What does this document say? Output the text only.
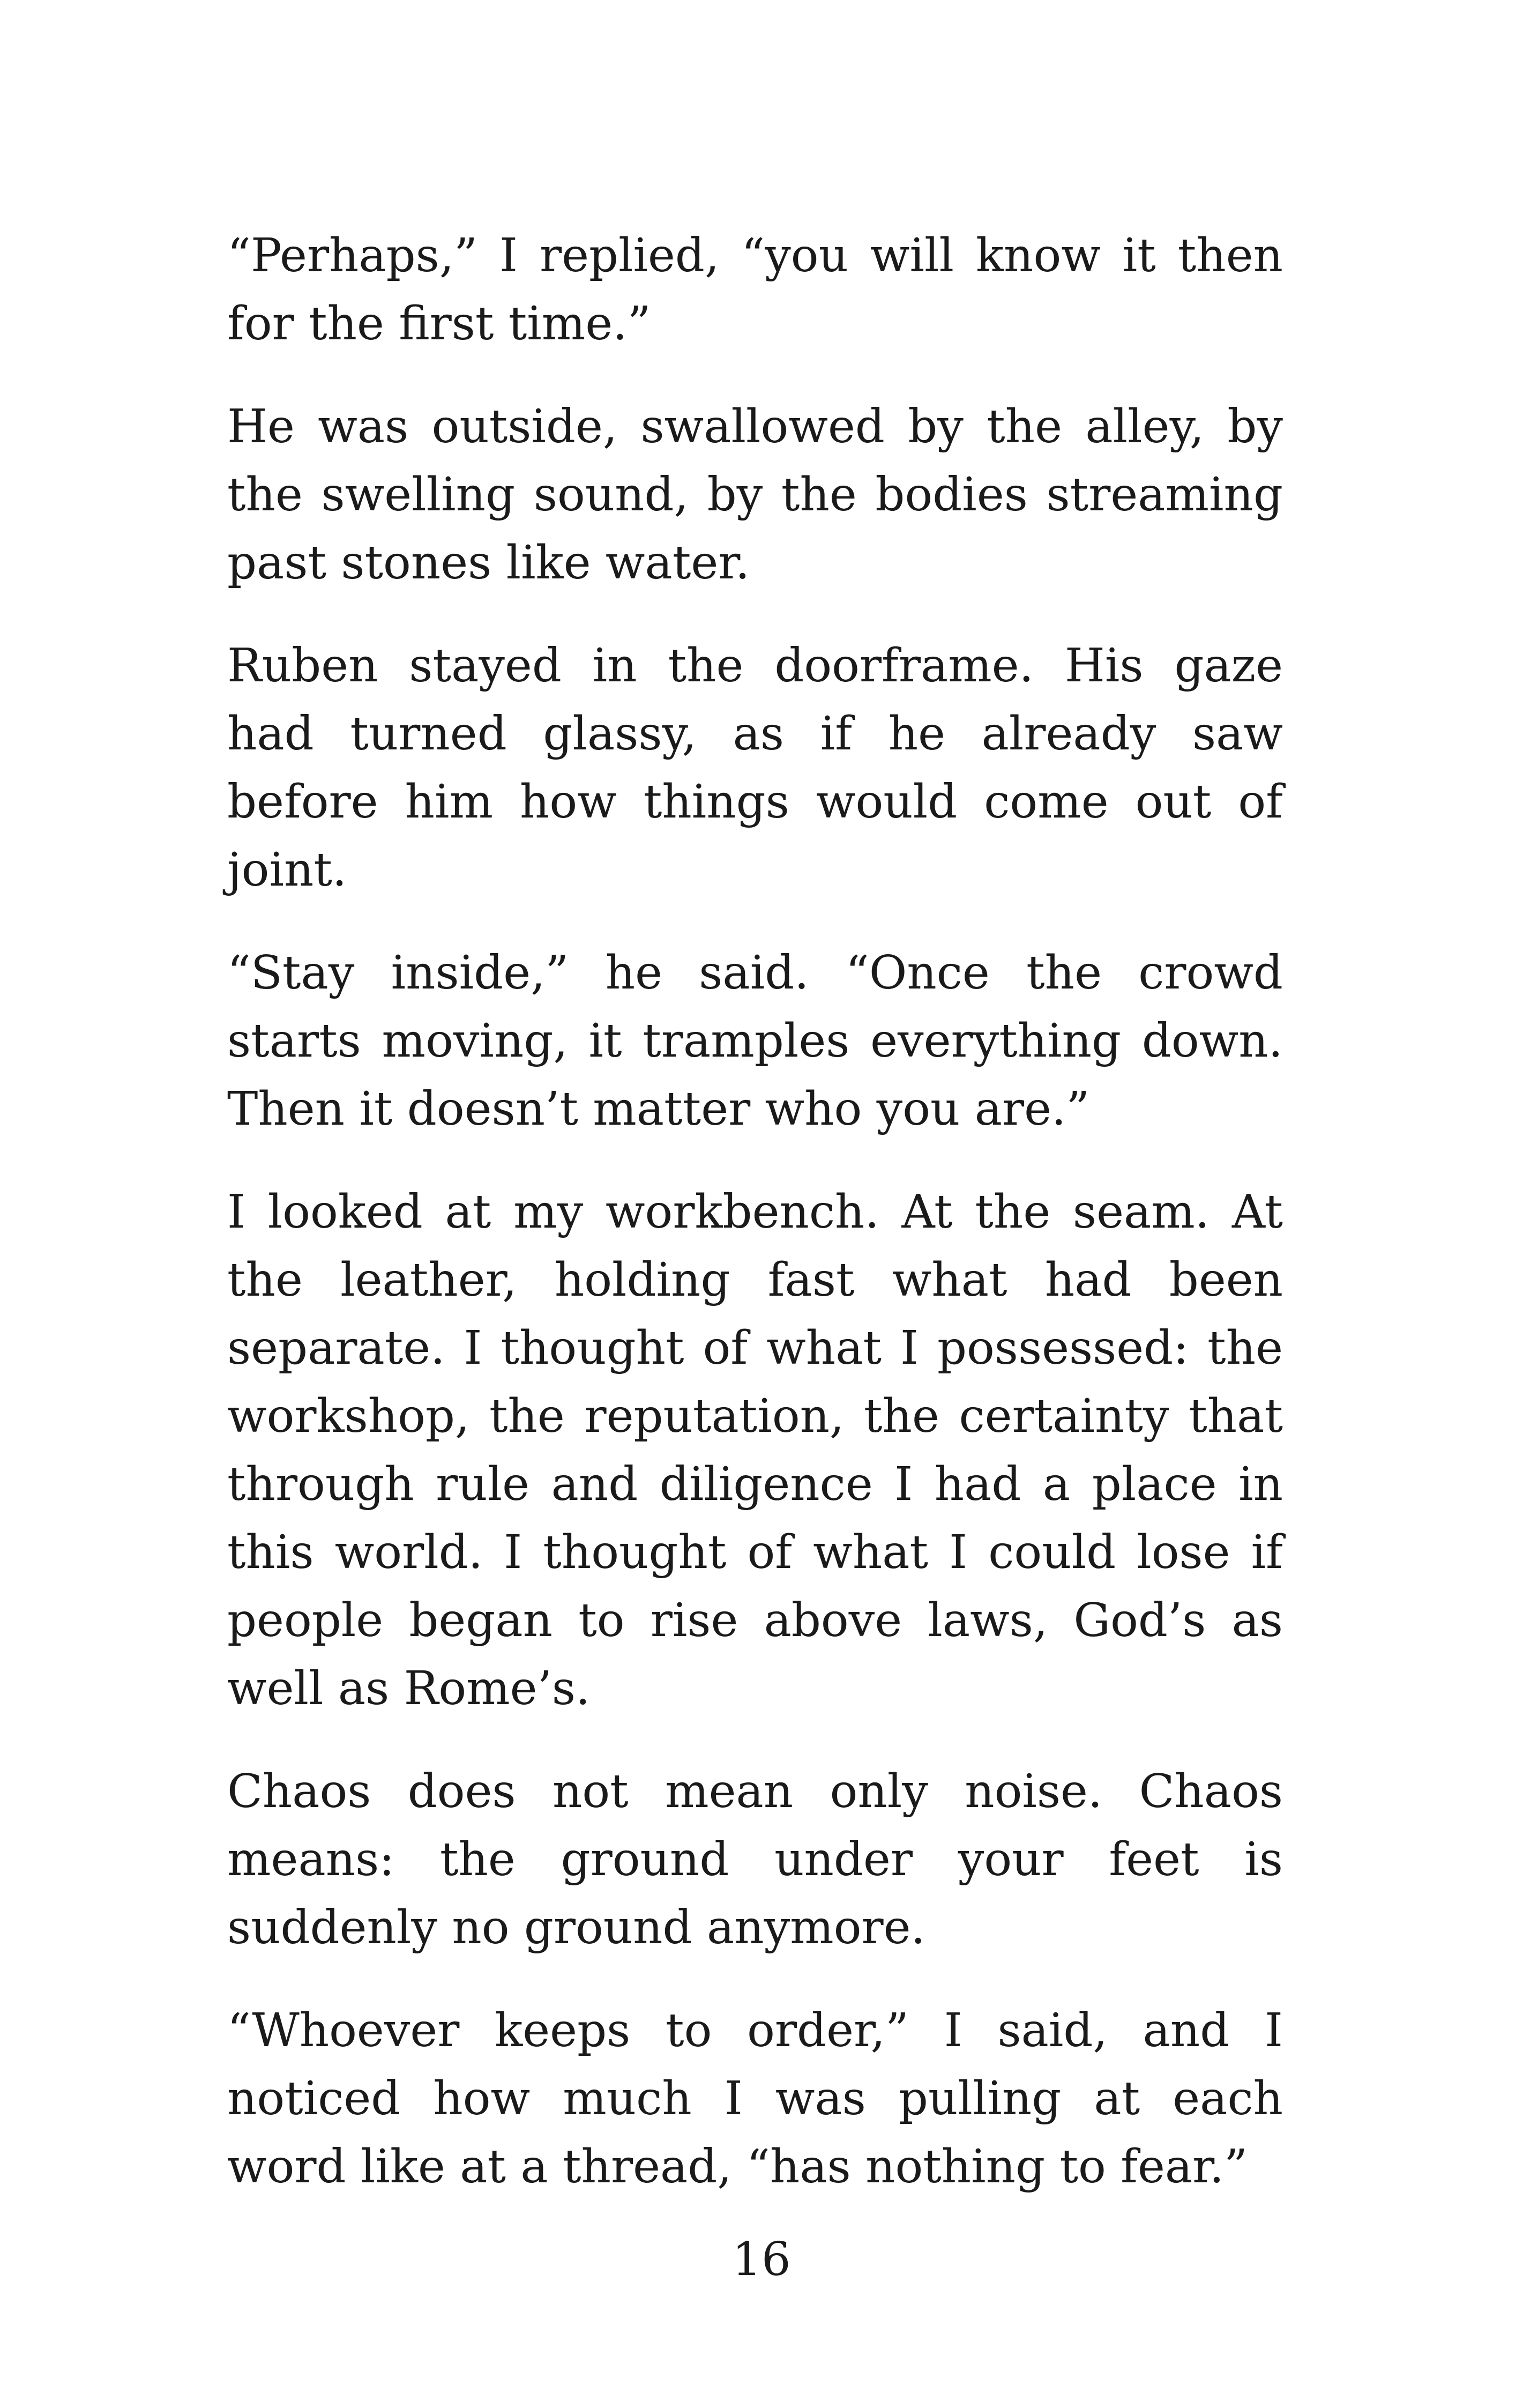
“Perhaps,” I replied, “you will know it then for the first time.”

He was outside, swallowed by the alley, by the swelling sound, by the bodies streaming past stones like water.

Ruben stayed in the doorframe. His gaze had turned glassy, as if he already saw before him how things would come out of joint.

“Stay inside,” he said. “Once the crowd starts moving, it tramples everything down. Then it doesn’t matter who you are.”

I looked at my workbench. At the seam. At the leather, holding fast what had been separate. I thought of what I possessed: the workshop, the reputation, the certainty that through rule and diligence I had a place in this world. I thought of what I could lose if people began to rise above laws, God’s as well as Rome’s.

Chaos does not mean only noise. Chaos means: the ground under your feet is suddenly no ground anymore.

“Whoever keeps to order,” I said, and I noticed how much I was pulling at each word like at a thread, “has nothing to fear.”

16
